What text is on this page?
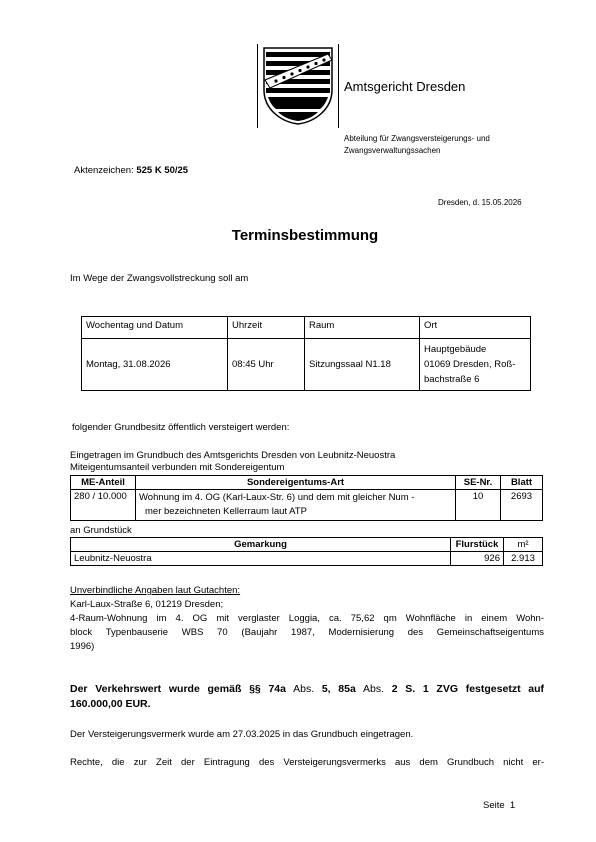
Amtsgericht Dresden
Abteilung für Zwangsversteigerungs- und
Zwangsverwaltungssachen
Aktenzeichen: 525 K 50/25
Dresden, d. 15.05.2026
Terminsbestimmung
Im Wege der Zwangsvollstreckung soll am
Wochentag und Datum	Uhrzeit	Raum	Ort
Montag, 31.08.2026	08:45 Uhr	Sitzungssaal N1.18	Hauptgebäude
01069 Dresden, Roß-
bachstraße 6
folgender Grundbesitz öffentlich versteigert werden:
Eingetragen im Grundbuch des Amtsgerichts Dresden von Leubnitz-Neuostra
Miteigentumsanteil verbunden mit Sondereigentum
ME-Anteil	Sondereigentums-Art	SE-Nr.	Blatt
280 / 10.000	Wohnung im 4. OG (Karl-Laux-Str. 6) und dem mit gleicher Num -
mer bezeichneten Kellerraum laut ATP	10	2693
an Grundstück
Gemarkung	Flurstück	m²
Leubnitz-Neuostra	926	2.913
Unverbindliche Angaben laut Gutachten:
Karl-Laux-Straße 6, 01219 Dresden;
4-Raum-Wohnung im 4. OG mit verglaster Loggia, ca. 75,62 qm Wohnfläche in einem Wohn-
block Typenbauserie WBS 70 (Baujahr 1987, Modernisierung des Gemeinschaftseigentums
1996)
Der Verkehrswert wurde gemäß §§ 74a Abs. 5, 85a Abs. 2 S. 1 ZVG festgesetzt auf
160.000,00 EUR.
Der Versteigerungsvermerk wurde am 27.03.2025 in das Grundbuch eingetragen.
Rechte, die zur Zeit der Eintragung des Versteigerungsvermerks aus dem Grundbuch nicht er-
Seite  1
